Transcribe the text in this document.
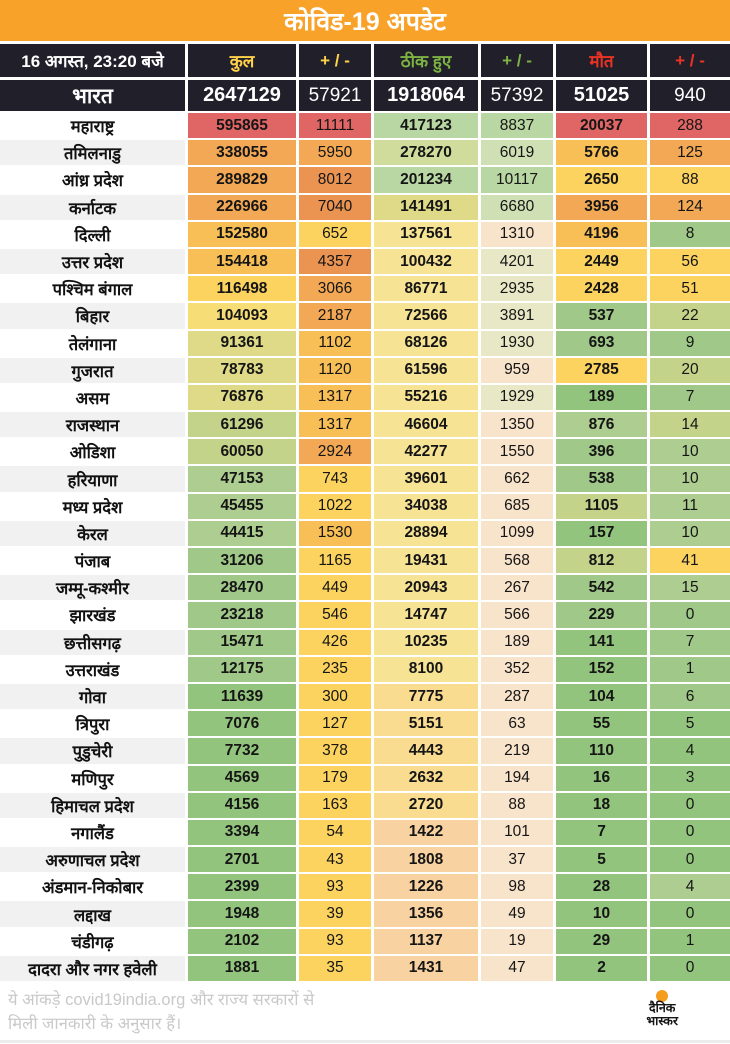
कोविड-19 अपडेट
16 अगस्त, 23:20 बजे	कुल	+ / -	ठीक हुए	+ / -	मौत	+ / -
भारत	2647129	57921	1918064	57392	51025	940
महाराष्ट्र	595865	11111	417123	8837	20037	288
तमिलनाडु	338055	5950	278270	6019	5766	125
आंध्र प्रदेश	289829	8012	201234	10117	2650	88
कर्नाटक	226966	7040	141491	6680	3956	124
दिल्ली	152580	652	137561	1310	4196	8
उत्तर प्रदेश	154418	4357	100432	4201	2449	56
पश्चिम बंगाल	116498	3066	86771	2935	2428	51
बिहार	104093	2187	72566	3891	537	22
तेलंगाना	91361	1102	68126	1930	693	9
गुजरात	78783	1120	61596	959	2785	20
असम	76876	1317	55216	1929	189	7
राजस्थान	61296	1317	46604	1350	876	14
ओडिशा	60050	2924	42277	1550	396	10
हरियाणा	47153	743	39601	662	538	10
मध्य प्रदेश	45455	1022	34038	685	1105	11
केरल	44415	1530	28894	1099	157	10
पंजाब	31206	1165	19431	568	812	41
जम्मू-कश्मीर	28470	449	20943	267	542	15
झारखंड	23218	546	14747	566	229	0
छत्तीसगढ़	15471	426	10235	189	141	7
उत्तराखंड	12175	235	8100	352	152	1
गोवा	11639	300	7775	287	104	6
त्रिपुरा	7076	127	5151	63	55	5
पुडुचेरी	7732	378	4443	219	110	4
मणिपुर	4569	179	2632	194	16	3
हिमाचल प्रदेश	4156	163	2720	88	18	0
नगालैंड	3394	54	1422	101	7	0
अरुणाचल प्रदेश	2701	43	1808	37	5	0
अंडमान-निकोबार	2399	93	1226	98	28	4
लद्दाख	1948	39	1356	49	10	0
चंडीगढ़	2102	93	1137	19	29	1
दादरा और नगर हवेली	1881	35	1431	47	2	0
ये आंकड़े covid19india.org और राज्य सरकारों से
मिली जानकारी के अनुसार हैं।
दैनिक
भास्कर
